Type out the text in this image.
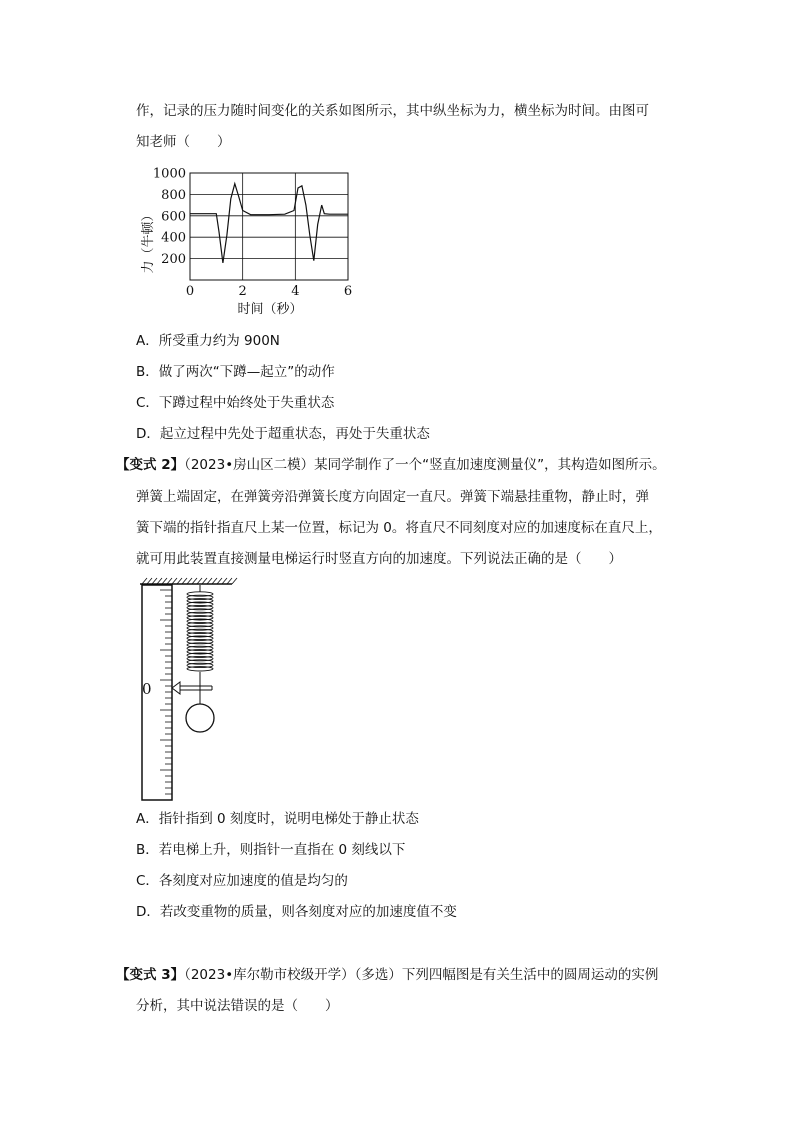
作，记录的压力随时间变化的关系如图所示，其中纵坐标为力，横坐标为时间。由图可
知老师（　　）
200
400
600
800
1000
0	2	4	6
力（牛顿）
时间（秒）
A．所受重力约为 900N
B．做了两次“下蹲—起立”的动作
C．下蹲过程中始终处于失重状态
D．起立过程中先处于超重状态，再处于失重状态
【变式 2】（2023•房山区二模）某同学制作了一个“竖直加速度测量仪”，其构造如图所示。
弹簧上端固定，在弹簧旁沿弹簧长度方向固定一直尺。弹簧下端悬挂重物，静止时，弹
簧下端的指针指直尺上某一位置，标记为 0。将直尺不同刻度对应的加速度标在直尺上，
就可用此装置直接测量电梯运行时竖直方向的加速度。下列说法正确的是（　　）
0
A．指针指到 0 刻度时，说明电梯处于静止状态
B．若电梯上升，则指针一直指在 0 刻线以下
C．各刻度对应加速度的值是均匀的
D．若改变重物的质量，则各刻度对应的加速度值不变
【变式 3】（2023•库尔勒市校级开学）（多选）下列四幅图是有关生活中的圆周运动的实例
分析，其中说法错误的是（　　）
